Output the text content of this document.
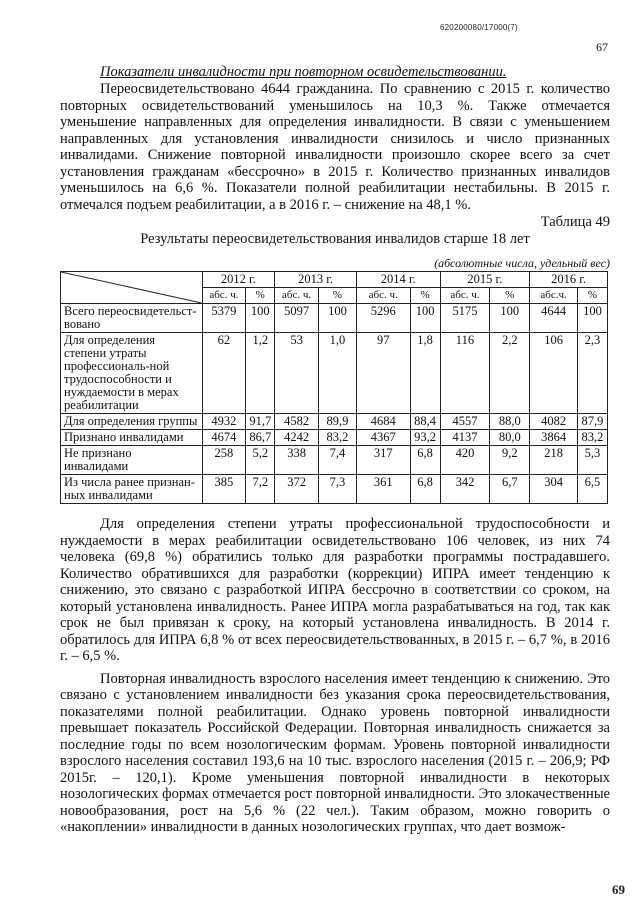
620200080/17000(7)
67
Показатели инвалидности при повторном освидетельствовании.

Переосвидетельствовано 4644 гражданина. По сравнению с 2015 г. количество повторных освидетельствований уменьшилось на 10,3 %. Также отмечается уменьшение направленных для определения инвалидности. В связи с уменьшением направленных для установления инвалидности снизилось и число признанных инвалидами. Снижение повторной инвалидности произошло скорее всего за счет установления гражданам «бессрочно» в 2015 г. Количество признанных инвалидов уменьшилось на 6,6 %. Показатели полной реабилитации нестабильны. В 2015 г. отмечался подъем реабилитации, а в 2016 г. – снижение на 48,1 %.

Таблица 49
Результаты переосвидетельствования инвалидов старше 18 лет
(абсолютные числа, удельный вес)
	2012 г.		2013 г.		2014 г.		2015 г.		2016 г.	
	абс. ч.	%	абс. ч.	%	абс. ч.	%	абс. ч.	%	абс.ч.	%
Всего переосвидетельст-вовано	5379	100	5097	100	5296	100	5175	100	4644	100
Для определения степени утраты профессиональ-ной трудоспособности и нуждаемости в мерах реабилитации	62	1,2	53	1,0	97	1,8	116	2,2	106	2,3
Для определения группы	4932	91,7	4582	89,9	4684	88,4	4557	88,0	4082	87,9
Признано инвалидами	4674	86,7	4242	83,2	4367	93,2	4137	80,0	3864	83,2
Не признано инвалидами	258	5,2	338	7,4	317	6,8	420	9,2	218	5,3
Из числа ранее признан-ных инвалидами	385	7,2	372	7,3	361	6,8	342	6,7	304	6,5

Для определения степени утраты профессиональной трудоспособности и нуждаемости в мерах реабилитации освидетельствовано 106 человек, из них 74 человека (69,8 %) обратились только для разработки программы пострадавшего. Количество обратившихся для разработки (коррекции) ИПРА имеет тенденцию к снижению, это связано с разработкой ИПРА бессрочно в соответствии со сроком, на который установлена инвалидность. Ранее ИПРА могла разрабатываться на год, так как срок не был привязан к сроку, на который установлена инвалидность. В 2014 г. обратилось для ИПРА 6,8 % от всех переосвидетельствованных, в 2015 г. – 6,7 %, в 2016 г. – 6,5 %.

Повторная инвалидность взрослого населения имеет тенденцию к снижению. Это связано с установлением инвалидности без указания срока переосвидетельствования, показателями полной реабилитации. Однако уровень повторной инвалидности превышает показатель Российской Федерации. Повторная инвалидность снижается за последние годы по всем нозологическим формам. Уровень повторной инвалидности взрослого населения составил 193,6 на 10 тыс. взрослого населения (2015 г. – 206,9; РФ 2015г. – 120,1). Кроме уменьшения повторной инвалидности в некоторых нозологических формах отмечается рост повторной инвалидности. Это злокачественные новообразования, рост на 5,6 % (22 чел.). Таким образом, можно говорить о «накоплении» инвалидности в данных нозологических группах, что дает возмож-

69
